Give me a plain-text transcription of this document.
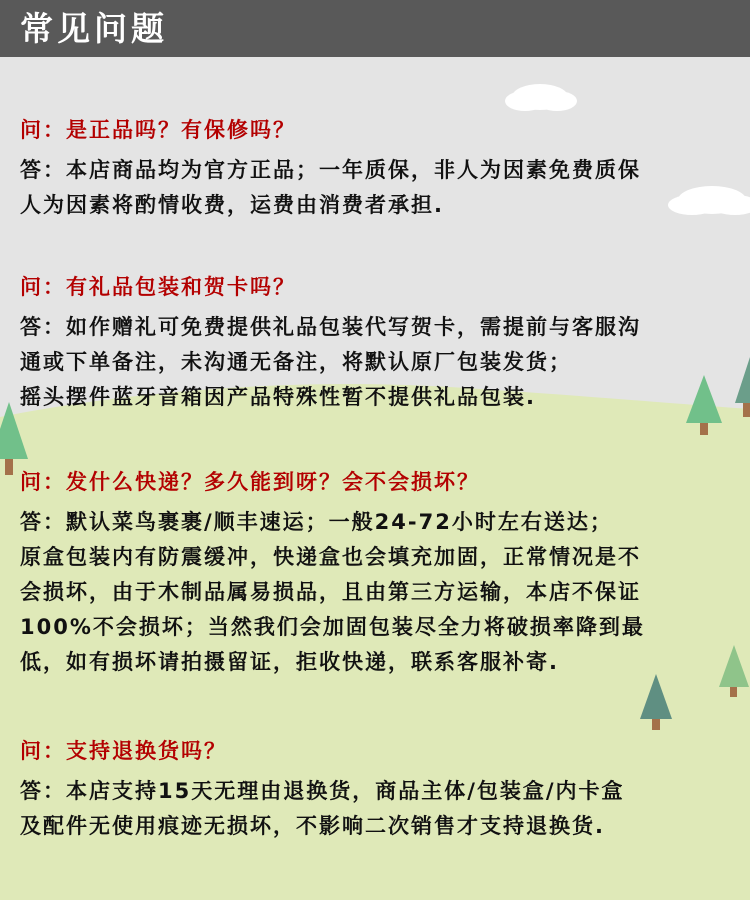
常见问题
问：是正品吗？有保修吗？
答：本店商品均为官方正品；一年质保，非人为因素免费质保
人为因素将酌情收费，运费由消费者承担.
问：有礼品包装和贺卡吗？
答：如作赠礼可免费提供礼品包装代写贺卡，需提前与客服沟
通或下单备注，未沟通无备注，将默认原厂包装发货；
摇头摆件蓝牙音箱因产品特殊性暂不提供礼品包装.
问：发什么快递？多久能到呀？会不会损坏？
答：默认菜鸟裹裹/顺丰速运；一般24-72小时左右送达；
原盒包装内有防震缓冲，快递盒也会填充加固，正常情况是不
会损坏，由于木制品属易损品，且由第三方运输，本店不保证
100%不会损坏；当然我们会加固包装尽全力将破损率降到最
低，如有损坏请拍摄留证，拒收快递，联系客服补寄.
问：支持退换货吗？
答：本店支持15天无理由退换货，商品主体/包装盒/内卡盒
及配件无使用痕迹无损坏，不影响二次销售才支持退换货.
